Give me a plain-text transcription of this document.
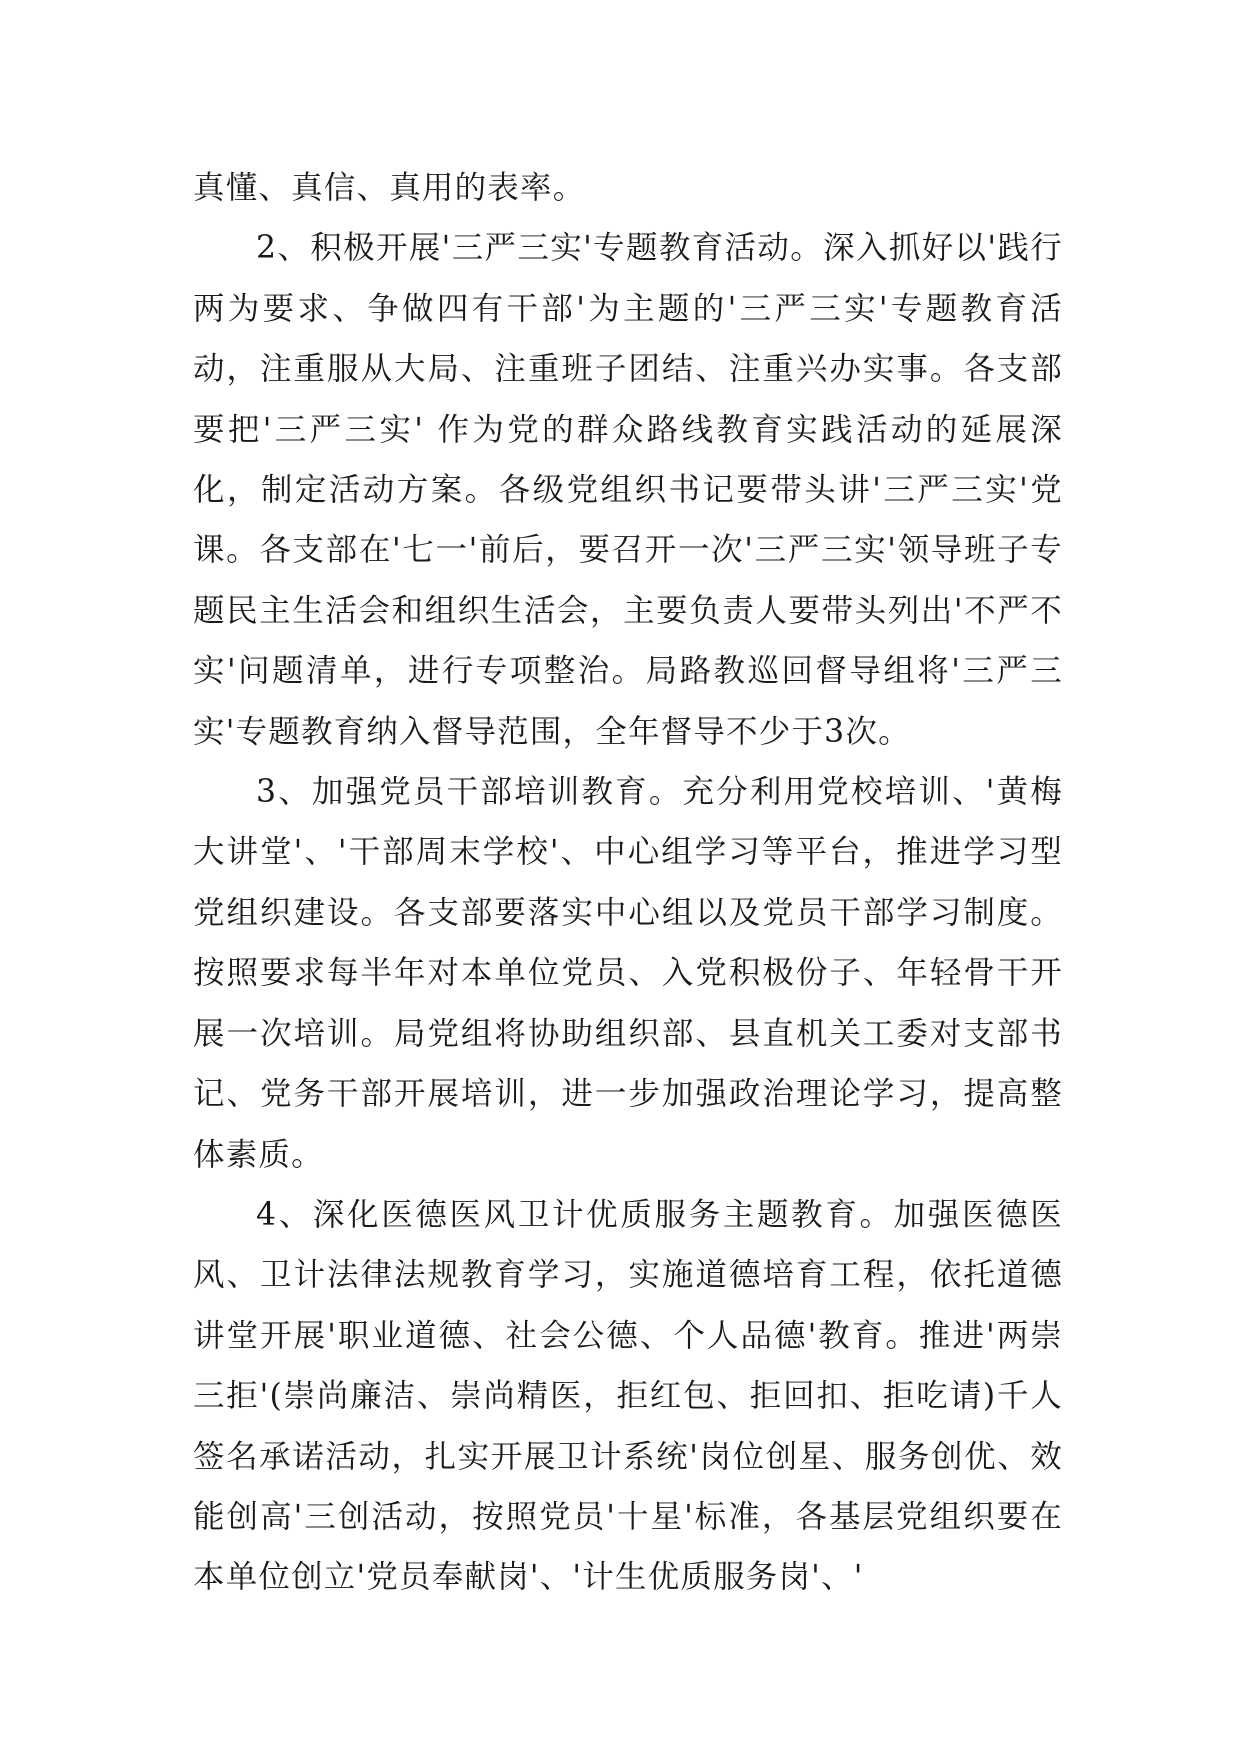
真懂、真信、真用的表率。

2、积极开展'三严三实'专题教育活动。深入抓好以'践行两为要求、争做四有干部'为主题的'三严三实'专题教育活动，注重服从大局、注重班子团结、注重兴办实事。各支部要把'三严三实' 作为党的群众路线教育实践活动的延展深化，制定活动方案。各级党组织书记要带头讲'三严三实'党课。各支部在'七一'前后，要召开一次'三严三实'领导班子专题民主生活会和组织生活会，主要负责人要带头列出'不严不实'问题清单，进行专项整治。局路教巡回督导组将'三严三实'专题教育纳入督导范围，全年督导不少于3次。

3、加强党员干部培训教育。充分利用党校培训、'黄梅大讲堂'、'干部周末学校'、中心组学习等平台，推进学习型党组织建设。各支部要落实中心组以及党员干部学习制度。按照要求每半年对本单位党员、入党积极份子、年轻骨干开展一次培训。局党组将协助组织部、县直机关工委对支部书记、党务干部开展培训，进一步加强政治理论学习，提高整体素质。

4、深化医德医风卫计优质服务主题教育。加强医德医风、卫计法律法规教育学习，实施道德培育工程，依托道德讲堂开展'职业道德、社会公德、个人品德'教育。推进'两崇三拒'(崇尚廉洁、崇尚精医，拒红包、拒回扣、拒吃请)千人签名承诺活动，扎实开展卫计系统'岗位创星、服务创优、效能创高'三创活动，按照党员'十星'标准，各基层党组织要在本单位创立'党员奉献岗'、'计生优质服务岗'、'
